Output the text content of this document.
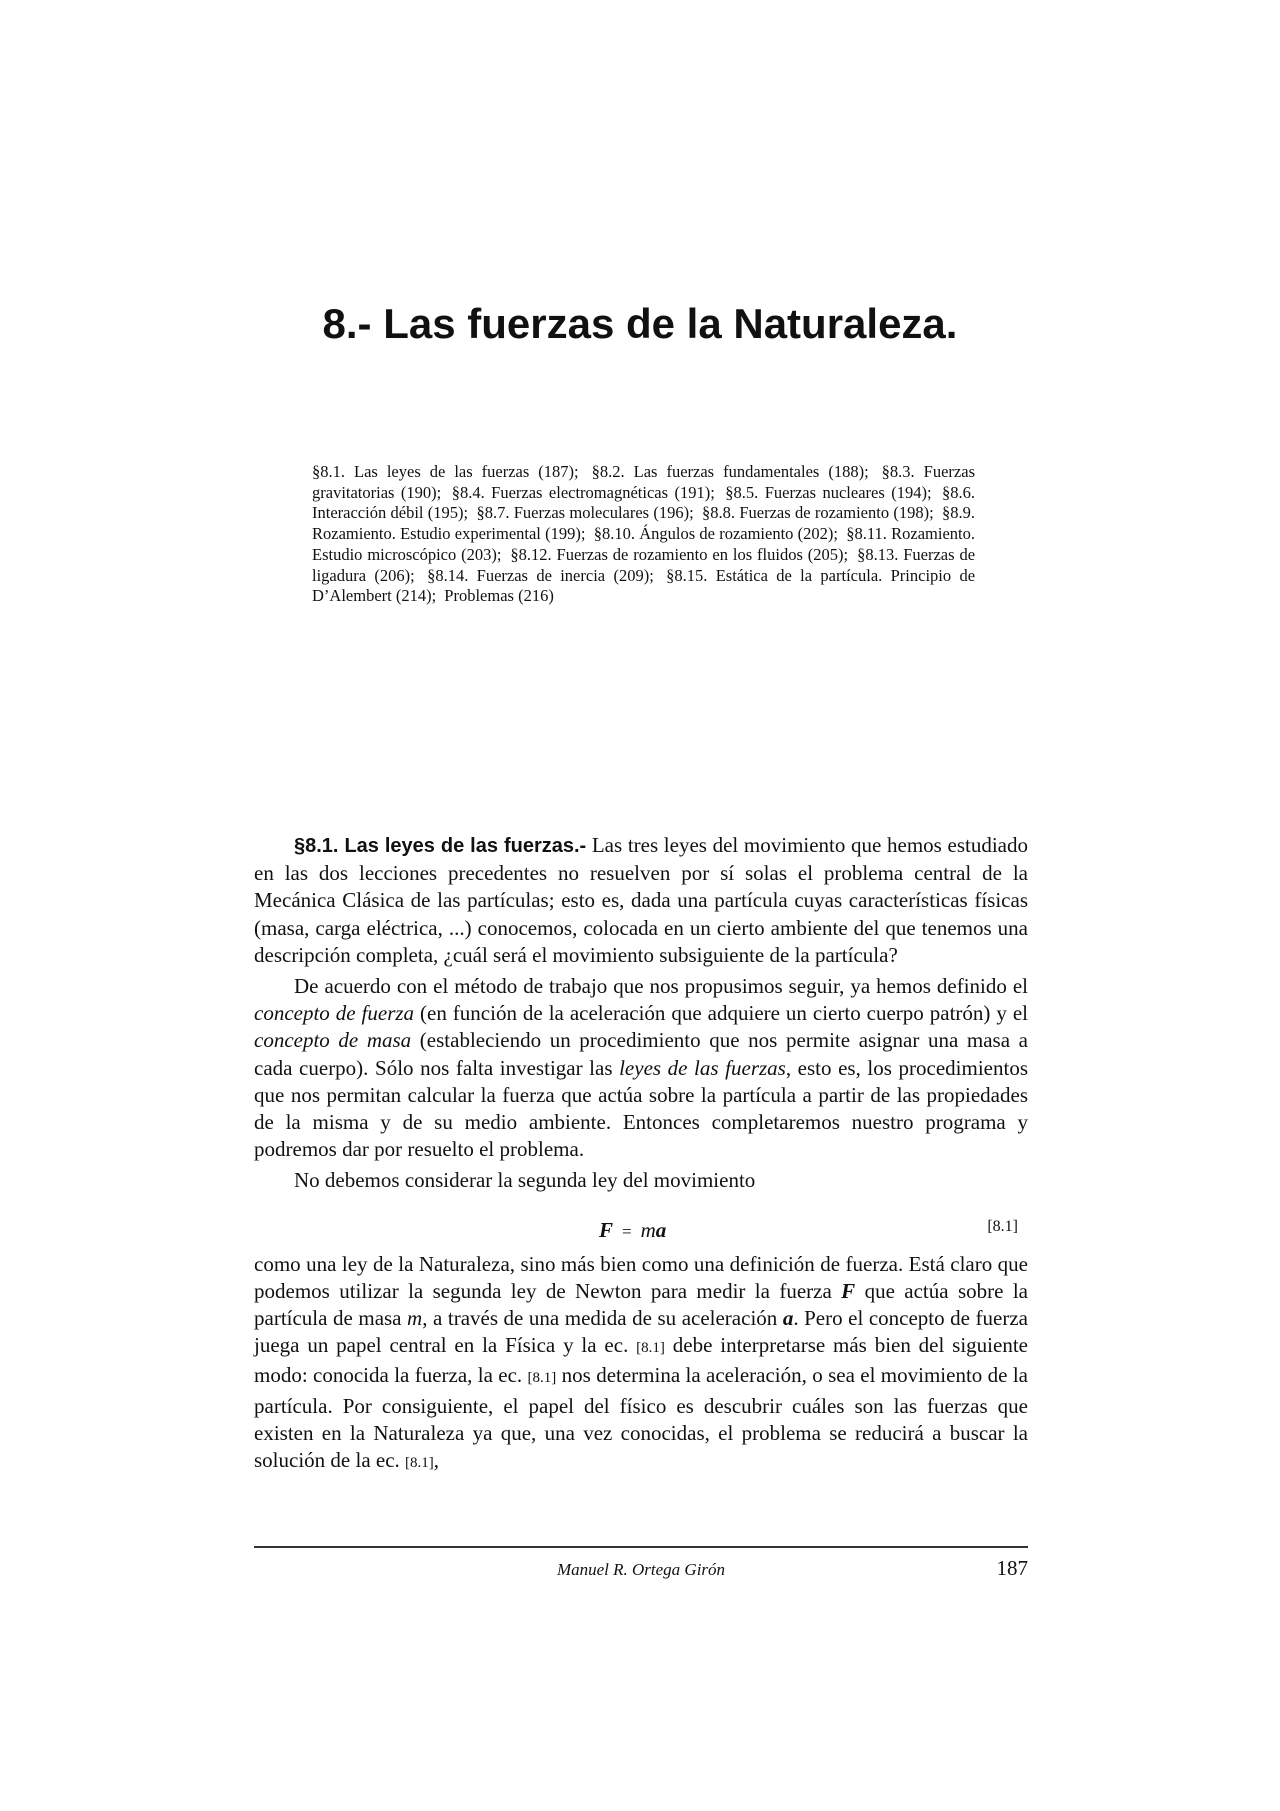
8.- Las fuerzas de la Naturaleza.
§8.1. Las leyes de las fuerzas (187); §8.2. Las fuerzas fundamentales (188); §8.3. Fuerzas gravitatorias (190); §8.4. Fuerzas electromagnéticas (191); §8.5. Fuerzas nucleares (194); §8.6. Interacción débil (195); §8.7. Fuerzas moleculares (196); §8.8. Fuerzas de rozamiento (198); §8.9. Rozamiento. Estudio experimental (199); §8.10. Ángulos de rozamiento (202); §8.11. Rozamiento. Estudio microscópico (203); §8.12. Fuerzas de rozamiento en los fluidos (205); §8.13. Fuerzas de ligadura (206); §8.14. Fuerzas de inercia (209); §8.15. Estática de la partícula. Principio de D’Alembert (214); Problemas (216)

§8.1. Las leyes de las fuerzas.- Las tres leyes del movimiento que hemos estudiado en las dos lecciones precedentes no resuelven por sí solas el problema central de la Mecánica Clásica de las partículas; esto es, dada una partícula cuyas características físicas (masa, carga eléctrica, ...) conocemos, colocada en un cierto ambiente del que tenemos una descripción completa, ¿cuál será el movimiento subsiguiente de la partícula?

De acuerdo con el método de trabajo que nos propusimos seguir, ya hemos definido el concepto de fuerza (en función de la aceleración que adquiere un cierto cuerpo patrón) y el concepto de masa (estableciendo un procedimiento que nos permite asignar una masa a cada cuerpo). Sólo nos falta investigar las leyes de las fuerzas, esto es, los procedimientos que nos permitan calcular la fuerza que actúa sobre la partícula a partir de las propiedades de la misma y de su medio ambiente. Entonces completaremos nuestro programa y podremos dar por resuelto el problema.

No debemos considerar la segunda ley del movimiento

F = ma	[8.1]

como una ley de la Naturaleza, sino más bien como una definición de fuerza. Está claro que podemos utilizar la segunda ley de Newton para medir la fuerza F que actúa sobre la partícula de masa m, a través de una medida de su aceleración a. Pero el concepto de fuerza juega un papel central en la Física y la ec. [8.1] debe interpretarse más bien del siguiente modo: conocida la fuerza, la ec. [8.1] nos determina la aceleración, o sea el movimiento de la partícula. Por consiguiente, el papel del físico es descubrir cuáles son las fuerzas que existen en la Naturaleza ya que, una vez conocidas, el problema se reducirá a buscar la solución de la ec. [8.1],

Manuel R. Ortega Girón	187
